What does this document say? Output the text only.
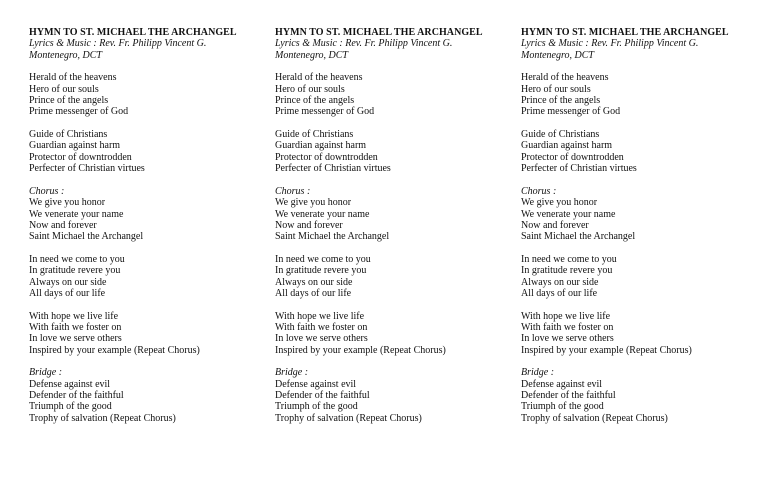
HYMN TO ST. MICHAEL THE ARCHANGEL

Lyrics & Music : Rev. Fr. Philipp Vincent G.
Montenegro, DCT

Herald of the heavens
Hero of our souls
Prince of the angels
Prime messenger of God
Guide of Christians
Guardian against harm
Protector of downtrodden
Perfecter of Christian virtues
Chorus :
We give you honor
We venerate your name
Now and forever
Saint Michael the Archangel
In need we come to you
In gratitude revere you
Always on our side
All days of our life
With hope we live life
With faith we foster on
In love we serve others
Inspired by your example (Repeat Chorus)
Bridge :
Defense against evil
Defender of the faithful
Triumph of the good
Trophy of salvation (Repeat Chorus)

HYMN TO ST. MICHAEL THE ARCHANGEL

Lyrics & Music : Rev. Fr. Philipp Vincent G.
Montenegro, DCT

Herald of the heavens
Hero of our souls
Prince of the angels
Prime messenger of God
Guide of Christians
Guardian against harm
Protector of downtrodden
Perfecter of Christian virtues
Chorus :
We give you honor
We venerate your name
Now and forever
Saint Michael the Archangel
In need we come to you
In gratitude revere you
Always on our side
All days of our life
With hope we live life
With faith we foster on
In love we serve others
Inspired by your example (Repeat Chorus)
Bridge :
Defense against evil
Defender of the faithful
Triumph of the good
Trophy of salvation (Repeat Chorus)

HYMN TO ST. MICHAEL THE ARCHANGEL

Lyrics & Music : Rev. Fr. Philipp Vincent G.
Montenegro, DCT

Herald of the heavens
Hero of our souls
Prince of the angels
Prime messenger of God
Guide of Christians
Guardian against harm
Protector of downtrodden
Perfecter of Christian virtues
Chorus :
We give you honor
We venerate your name
Now and forever
Saint Michael the Archangel
In need we come to you
In gratitude revere you
Always on our side
All days of our life
With hope we live life
With faith we foster on
In love we serve others
Inspired by your example (Repeat Chorus)
Bridge :
Defense against evil
Defender of the faithful
Triumph of the good
Trophy of salvation (Repeat Chorus)
